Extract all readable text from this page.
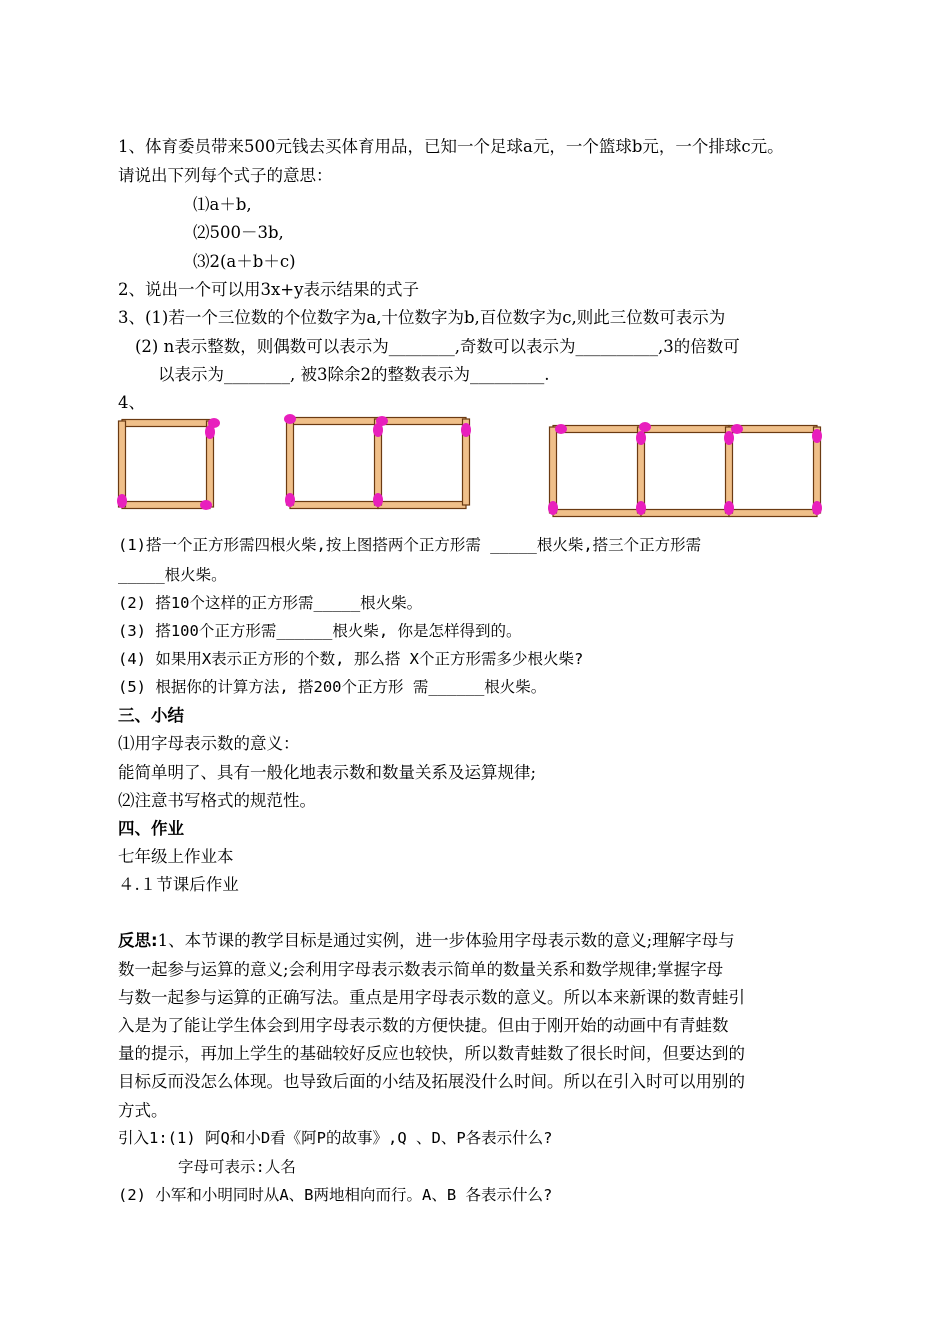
1、体育委员带来500元钱去买体育用品，已知一个足球a元，一个篮球b元，一个排球c元。
请说出下列每个式子的意思：
⑴a＋b,
⑵500－3b,
⑶2(a＋b＋c)
2、说出一个可以用3x+y表示结果的式子
3、(1)若一个三位数的个位数字为a,十位数字为b,百位数字为c,则此三位数可表示为
(2) n表示整数，则偶数可以表示为________,奇数可以表示为__________,3的倍数可
以表示为________, 被3除余2的整数表示为_________.
4、
(1)搭一个正方形需四根火柴,按上图搭两个正方形需 _____根火柴,搭三个正方形需
_____根火柴。
(2) 搭10个这样的正方形需_____根火柴。
(3) 搭100个正方形需______根火柴, 你是怎样得到的。
(4) 如果用X表示正方形的个数, 那么搭 X个正方形需多少根火柴?
(5) 根据你的计算方法, 搭200个正方形 需______根火柴。
三、小结
⑴用字母表示数的意义：
能简单明了、具有一般化地表示数和数量关系及运算规律;
⑵注意书写格式的规范性。
四、作业
七年级上作业本
４.１节课后作业
反思:1、本节课的教学目标是通过实例，进一步体验用字母表示数的意义;理解字母与
数一起参与运算的意义;会利用字母表示数表示简单的数量关系和数学规律;掌握字母
与数一起参与运算的正确写法。重点是用字母表示数的意义。所以本来新课的数青蛙引
入是为了能让学生体会到用字母表示数的方便快捷。但由于刚开始的动画中有青蛙数
量的提示，再加上学生的基础较好反应也较快，所以数青蛙数了很长时间，但要达到的
目标反而没怎么体现。也导致后面的小结及拓展没什么时间。所以在引入时可以用别的
方式。
引入1:(1) 阿Q和小D看《阿P的故事》,Q 、D、P各表示什么?
字母可表示:人名
(2) 小军和小明同时从A、B两地相向而行。A、B 各表示什么?
